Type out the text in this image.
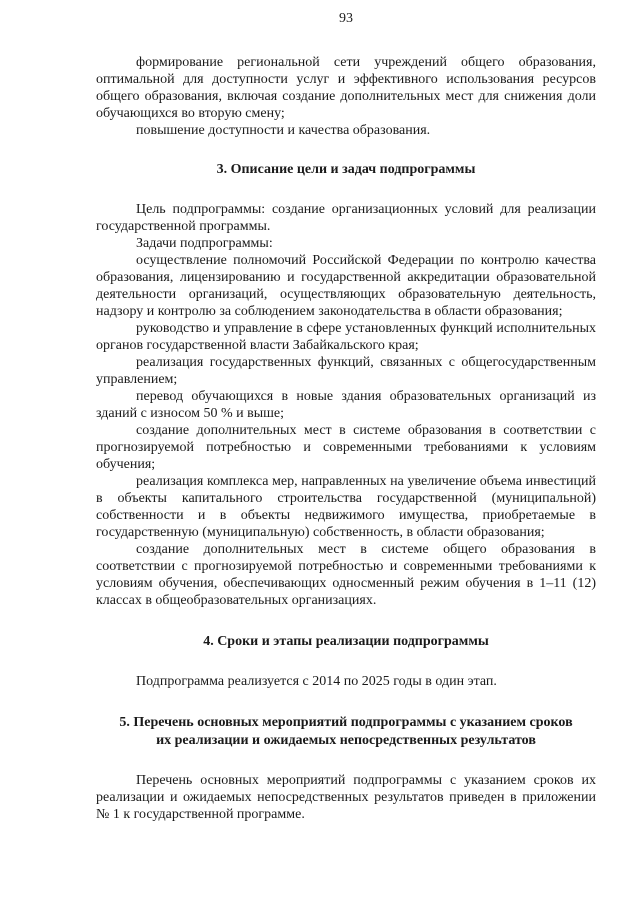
93

формирование региональной сети учреждений общего образования, оптимальной для доступности услуг и эффективного использования ресурсов общего образования, включая создание дополнительных мест для снижения доли обучающихся во вторую смену;

повышение доступности и качества образования.

3. Описание цели и задач подпрограммы

Цель подпрограммы: создание организационных условий для реализации государственной программы.

Задачи подпрограммы:

осуществление полномочий Российской Федерации по контролю качества образования, лицензированию и государственной аккредитации образовательной деятельности организаций, осуществляющих образовательную деятельность, надзору и контролю за соблюдением законодательства в области образования;

руководство и управление в сфере установленных функций исполнительных органов государственной власти Забайкальского края;

реализация государственных функций, связанных с общегосударственным управлением;

перевод обучающихся в новые здания образовательных организаций из зданий с износом 50 % и выше;

создание дополнительных мест в системе образования в соответствии с прогнозируемой потребностью и современными требованиями к условиям обучения;

реализация комплекса мер, направленных на увеличение объема инвестиций в объекты капитального строительства государственной (муниципальной) собственности и в объекты недвижимого имущества, приобретаемые в государственную (муниципальную) собственность, в области образования;

создание дополнительных мест в системе общего образования в соответствии с прогнозируемой потребностью и современными требованиями к условиям обучения, обеспечивающих односменный режим обучения в 1–11 (12) классах в общеобразовательных организациях.

4. Сроки и этапы реализации подпрограммы

Подпрограмма реализуется с 2014 по 2025 годы в один этап.

5. Перечень основных мероприятий подпрограммы с указанием сроков
их реализации и ожидаемых непосредственных результатов

Перечень основных мероприятий подпрограммы с указанием сроков их реализации и ожидаемых непосредственных результатов приведен в приложении № 1 к государственной программе.
